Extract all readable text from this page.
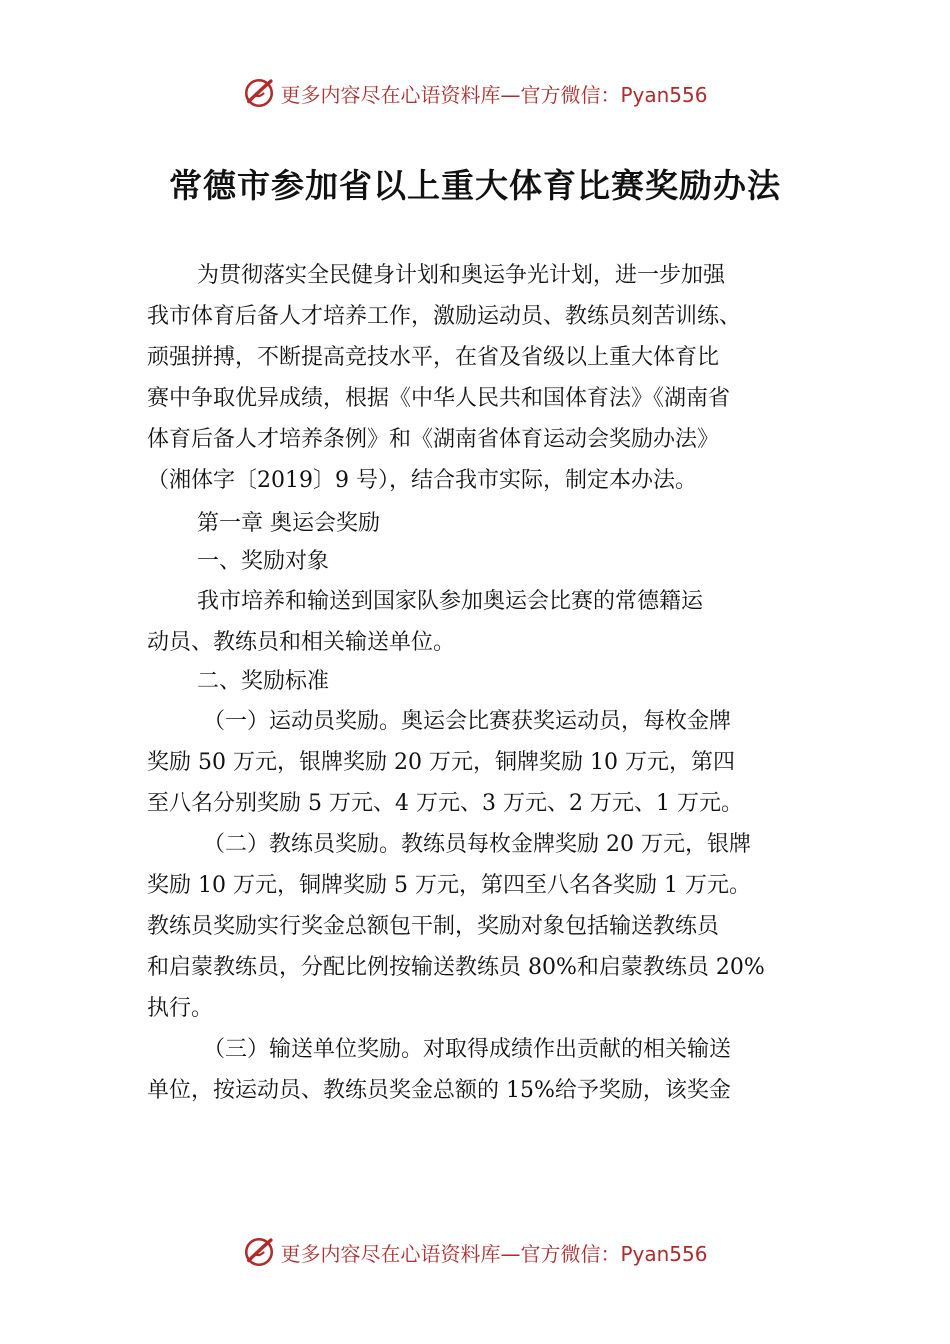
更多内容尽在心语资料库—官方微信：Pyan556
常德市参加省以上重大体育比赛奖励办法
为贯彻落实全民健身计划和奥运争光计划，进一步加强
我市体育后备人才培养工作，激励运动员、教练员刻苦训练、
顽强拼搏，不断提高竞技水平，在省及省级以上重大体育比
赛中争取优异成绩，根据《中华人民共和国体育法》《湖南省
体育后备人才培养条例》和《湖南省体育运动会奖励办法》
（湘体字〔2019〕9 号），结合我市实际，制定本办法。
第一章 奥运会奖励
一、奖励对象
我市培养和输送到国家队参加奥运会比赛的常德籍运
动员、教练员和相关输送单位。
二、奖励标准
（一）运动员奖励。奥运会比赛获奖运动员，每枚金牌
奖励 50 万元，银牌奖励 20 万元，铜牌奖励 10 万元，第四
至八名分别奖励 5 万元、4 万元、3 万元、2 万元、1 万元。
（二）教练员奖励。教练员每枚金牌奖励 20 万元，银牌
奖励 10 万元，铜牌奖励 5 万元，第四至八名各奖励 1 万元。
教练员奖励实行奖金总额包干制，奖励对象包括输送教练员
和启蒙教练员，分配比例按输送教练员 80%和启蒙教练员 20%
执行。
（三）输送单位奖励。对取得成绩作出贡献的相关输送
单位，按运动员、教练员奖金总额的 15%给予奖励，该奖金
更多内容尽在心语资料库—官方微信：Pyan556
